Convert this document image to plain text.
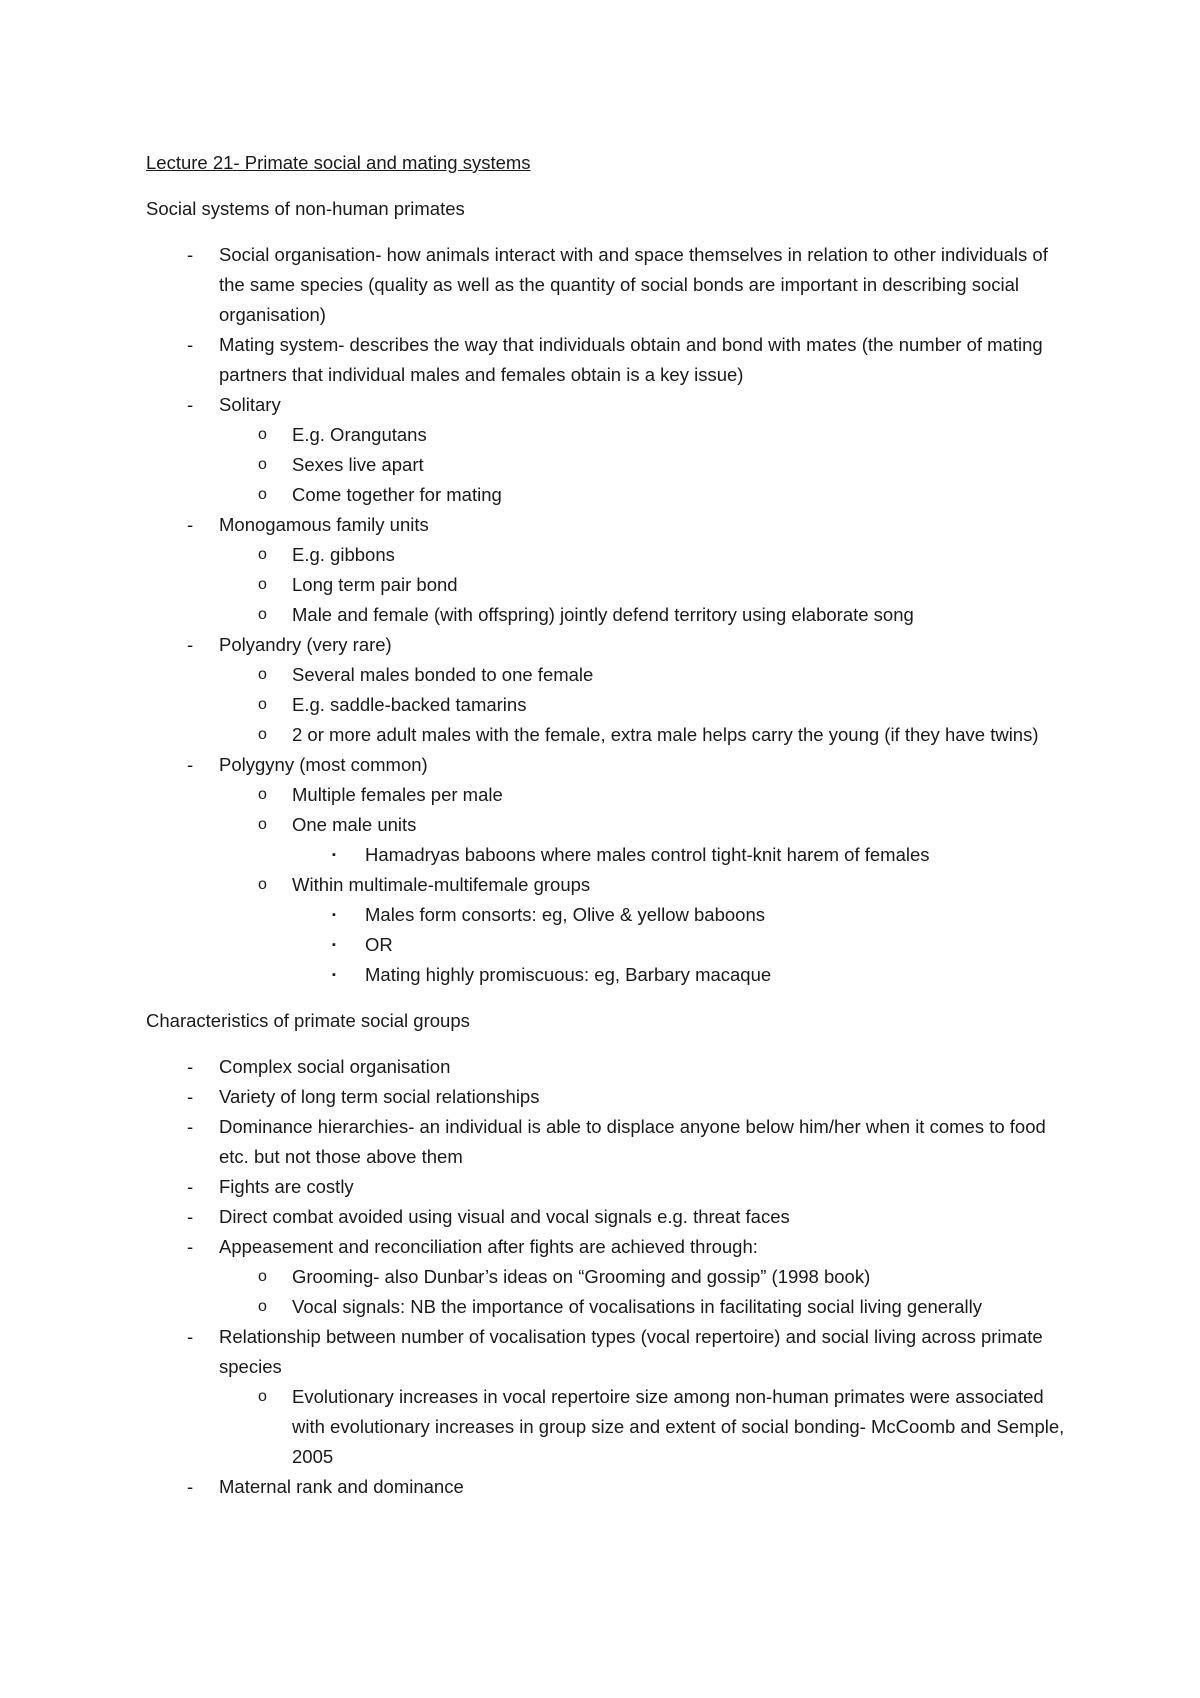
Lecture 21- Primate social and mating systems
Social systems of non-human primates
- Social organisation- how animals interact with and space themselves in relation to other individuals of the same species (quality as well as the quantity of social bonds are important in describing social organisation)
- Mating system- describes the way that individuals obtain and bond with mates (the number of mating partners that individual males and females obtain is a key issue)
- Solitary
o E.g. Orangutans
o Sexes live apart
o Come together for mating
- Monogamous family units
o E.g. gibbons
o Long term pair bond
o Male and female (with offspring) jointly defend territory using elaborate song
- Polyandry (very rare)
o Several males bonded to one female
o E.g. saddle-backed tamarins
o 2 or more adult males with the female, extra male helps carry the young (if they have twins)
- Polygyny (most common)
o Multiple females per male
o One male units
▪ Hamadryas baboons where males control tight-knit harem of females
o Within multimale-multifemale groups
▪ Males form consorts: eg, Olive & yellow baboons
▪ OR
▪ Mating highly promiscuous: eg, Barbary macaque
Characteristics of primate social groups
- Complex social organisation
- Variety of long term social relationships
- Dominance hierarchies- an individual is able to displace anyone below him/her when it comes to food etc. but not those above them
- Fights are costly
- Direct combat avoided using visual and vocal signals e.g. threat faces
- Appeasement and reconciliation after fights are achieved through:
o Grooming- also Dunbar’s ideas on “Grooming and gossip” (1998 book)
o Vocal signals: NB the importance of vocalisations in facilitating social living generally
- Relationship between number of vocalisation types (vocal repertoire) and social living across primate species
o Evolutionary increases in vocal repertoire size among non-human primates were associated with evolutionary increases in group size and extent of social bonding- McCoomb and Semple, 2005
- Maternal rank and dominance
